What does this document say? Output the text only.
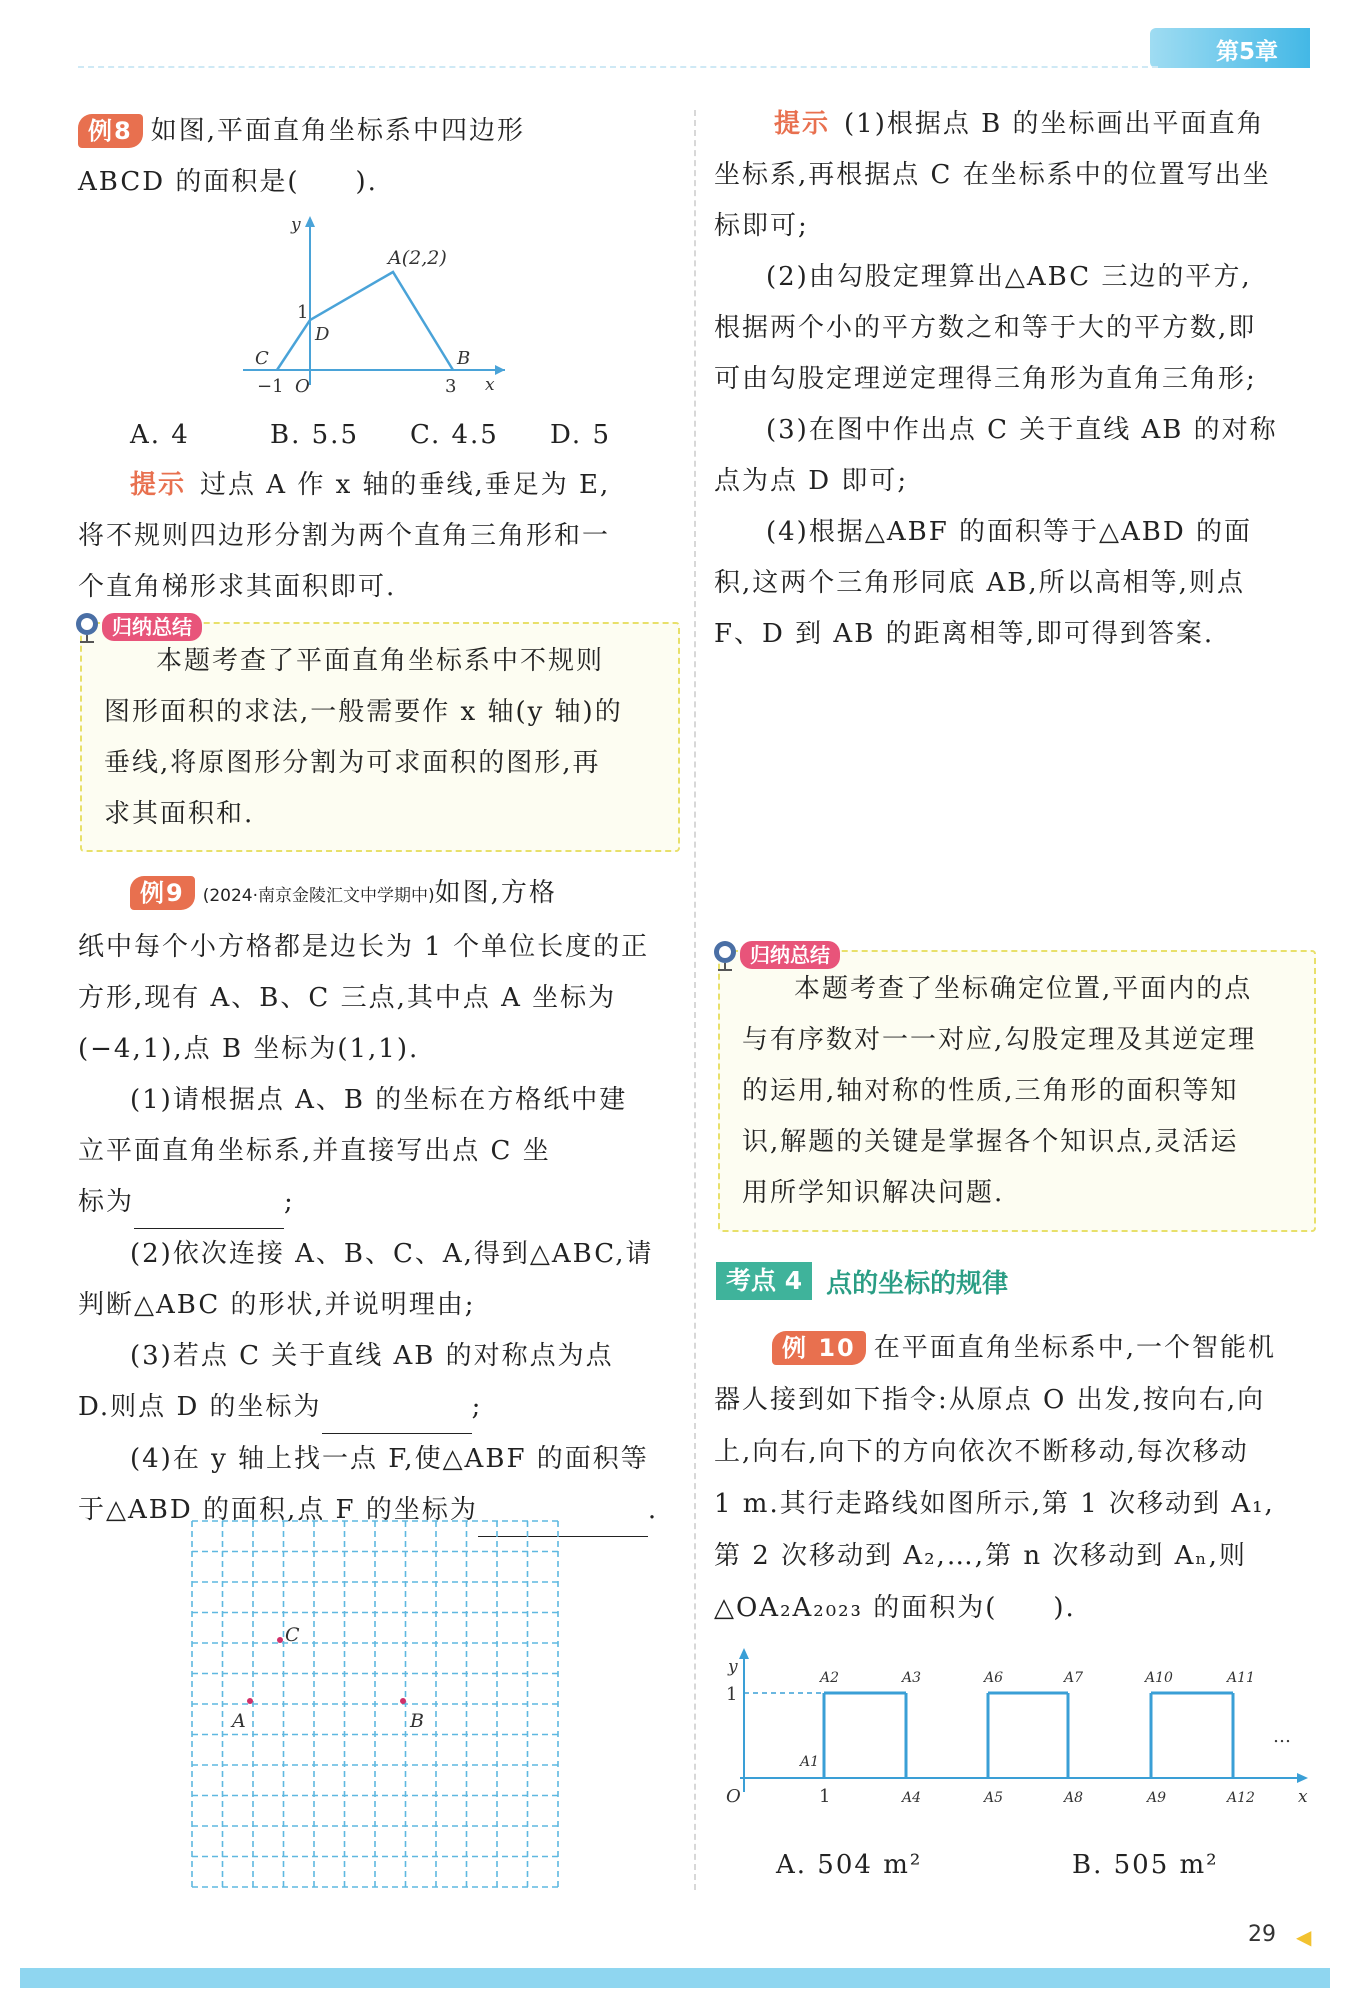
第5章
29 ◀

例8 如图,平面直角坐标系中四边形

ABCD 的面积是(　　).

y
A(2,2)
1
D
C	B
−1 O	3 x
A. 4	B. 5.5	C. 4.5	D. 5

提示 过点 A 作 x 轴的垂线,垂足为 E,

将不规则四边形分割为两个直角三角形和一

个直角梯形求其面积即可.

本题考查了平面直角坐标系中不规则

图形面积的求法,一般需要作 x 轴(y 轴)的

垂线,将原图形分割为可求面积的图形,再

求其面积和.

归纳总结

例9 (2024·南京金陵汇文中学期中)如图,方格

纸中每个小方格都是边长为 1 个单位长度的正

方形,现有 A、B、C 三点,其中点 A 坐标为

(−4,1),点 B 坐标为(1,1).

(1)请根据点 A、B 的坐标在方格纸中建

立平面直角坐标系,并直接写出点 C 坐

标为	;

(2)依次连接 A、B、C、A,得到△ABC,请

判断△ABC 的形状,并说明理由;

(3)若点 C 关于直线 AB 的对称点为点

D.则点 D 的坐标为	;

(4)在 y 轴上找一点 F,使△ABF 的面积等

于△ABD 的面积,点 F 的坐标为	.

C
A	B

提示 (1)根据点 B 的坐标画出平面直角

坐标系,再根据点 C 在坐标系中的位置写出坐

标即可;

(2)由勾股定理算出△ABC 三边的平方,

根据两个小的平方数之和等于大的平方数,即

可由勾股定理逆定理得三角形为直角三角形;

(3)在图中作出点 C 关于直线 AB 的对称

点为点 D 即可;

(4)根据△ABF 的面积等于△ABD 的面

积,这两个三角形同底 AB,所以高相等,则点

F、D 到 AB 的距离相等,即可得到答案.

本题考查了坐标确定位置,平面内的点

与有序数对一一对应,勾股定理及其逆定理

的运用,轴对称的性质,三角形的面积等知

识,解题的关键是掌握各个知识点,灵活运

用所学知识解决问题.

归纳总结
考点 4 点的坐标的规律

例 10 在平面直角坐标系中,一个智能机

器人接到如下指令:从原点 O 出发,按向右,向

上,向右,向下的方向依次不断移动,每次移动

1 m.其行走路线如图所示,第 1 次移动到 A₁,

第 2 次移动到 A₂,…,第 n 次移动到 Aₙ,则

△OA₂A₂₀₂₃ 的面积为(　　).

y
1
O	1	x
…
A1
A2	A3
A4	A5
A6	A7
A8	A9
A10	A11
A12
A. 504 m²	B. 505 m²
